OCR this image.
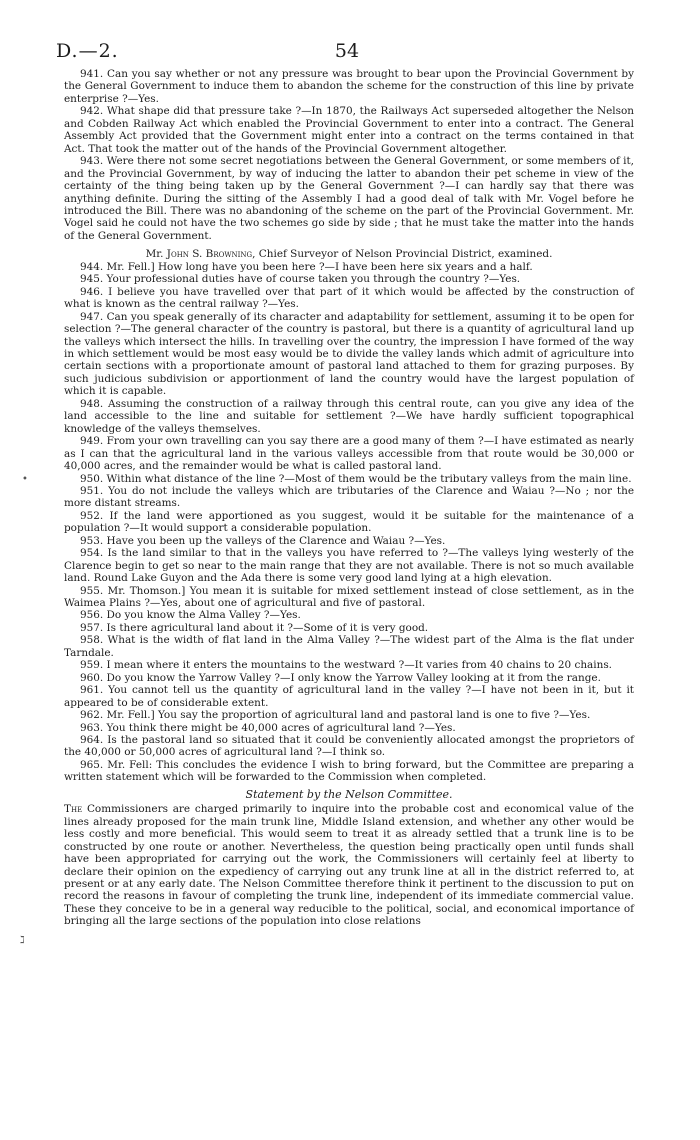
54
D.—2.

941. Can you say whether or not any pressure was brought to bear upon the Provincial Government by the General Government to induce them to abandon the scheme for the construction of this line by private enterprise ?—Yes.

942. What shape did that pressure take ?—In 1870, the Railways Act superseded altogether the Nelson and Cobden Railway Act which enabled the Provincial Government to enter into a contract. The General Assembly Act provided that the Government might enter into a contract on the terms contained in that Act. That took the matter out of the hands of the Provincial Government altogether.

943. Were there not some secret negotiations between the General Government, or some members of it, and the Provincial Government, by way of inducing the latter to abandon their pet scheme in view of the certainty of the thing being taken up by the General Government ?—I can hardly say that there was anything definite. During the sitting of the Assembly I had a good deal of talk with Mr. Vogel before he introduced the Bill. There was no abandoning of the scheme on the part of the Provincial Government. Mr. Vogel said he could not have the two schemes go side by side ; that he must take the matter into the hands of the General Government.

Mr. John S. Browning, Chief Surveyor of Nelson Provincial District, examined.

944. Mr. Fell.] How long have you been here ?—I have been here six years and a half.

945. Your professional duties have of course taken you through the country ?—Yes.

946. I believe you have travelled over that part of it which would be affected by the construction of what is known as the central railway ?—Yes.

947. Can you speak generally of its character and adaptability for settlement, assuming it to be open for selection ?—The general character of the country is pastoral, but there is a quantity of agricultural land up the valleys which intersect the hills. In travelling over the country, the impression I have formed of the way in which settlement would be most easy would be to divide the valley lands which admit of agriculture into certain sections with a proportionate amount of pastoral land attached to them for grazing purposes. By such judicious subdivision or apportionment of land the country would have the largest population of which it is capable.

948. Assuming the construction of a railway through this central route, can you give any idea of the land accessible to the line and suitable for settlement ?—We have hardly sufficient topographical knowledge of the valleys themselves.

949. From your own travelling can you say there are a good many of them ?—I have estimated as nearly as I can that the agricultural land in the various valleys accessible from that route would be 30,000 or 40,000 acres, and the remainder would be what is called pastoral land.

950. Within what distance of the line ?—Most of them would be the tributary valleys from the main line.

951. You do not include the valleys which are tributaries of the Clarence and Waiau ?—No ; nor the more distant streams.

952. If the land were apportioned as you suggest, would it be suitable for the maintenance of a population ?—It would support a considerable population.

953. Have you been up the valleys of the Clarence and Waiau ?—Yes.

954. Is the land similar to that in the valleys you have referred to ?—The valleys lying westerly of the Clarence begin to get so near to the main range that they are not available. There is not so much available land. Round Lake Guyon and the Ada there is some very good land lying at a high elevation.

955. Mr. Thomson.] You mean it is suitable for mixed settlement instead of close settlement, as in the Waimea Plains ?—Yes, about one of agricultural and five of pastoral.

956. Do you know the Alma Valley ?—Yes.

957. Is there agricultural land about it ?—Some of it is very good.

958. What is the width of flat land in the Alma Valley ?—The widest part of the Alma is the flat under Tarndale.

959. I mean where it enters the mountains to the westward ?—It varies from 40 chains to 20 chains.

960. Do you know the Yarrow Valley ?—I only know the Yarrow Valley looking at it from the range.

961. You cannot tell us the quantity of agricultural land in the valley ?—I have not been in it, but it appeared to be of considerable extent.

962. Mr. Fell.] You say the proportion of agricultural land and pastoral land is one to five ?—Yes.

963. You think there might be 40,000 acres of agricultural land ?—Yes.

964. Is the pastoral land so situated that it could be conveniently allocated amongst the proprietors of the 40,000 or 50,000 acres of agricultural land ?—I think so.

965. Mr. Fell: This concludes the evidence I wish to bring forward, but the Committee are preparing a written statement which will be forwarded to the Commission when completed.

Statement by the Nelson Committee.

The Commissioners are charged primarily to inquire into the probable cost and economical value of the lines already proposed for the main trunk line, Middle Island extension, and whether any other would be less costly and more beneficial. This would seem to treat it as already settled that a trunk line is to be constructed by one route or another. Nevertheless, the question being practically open until funds shall have been appropriated for carrying out the work, the Commissioners will certainly feel at liberty to declare their opinion on the expediency of carrying out any trunk line at all in the district referred to, at present or at any early date. The Nelson Committee therefore think it pertinent to the discussion to put on record the reasons in favour of completing the trunk line, independent of its immediate commercial value. These they conceive to be in a general way reducible to the political, social, and economical importance of bringing all the large sections of the population into close relations

•
ℷ
